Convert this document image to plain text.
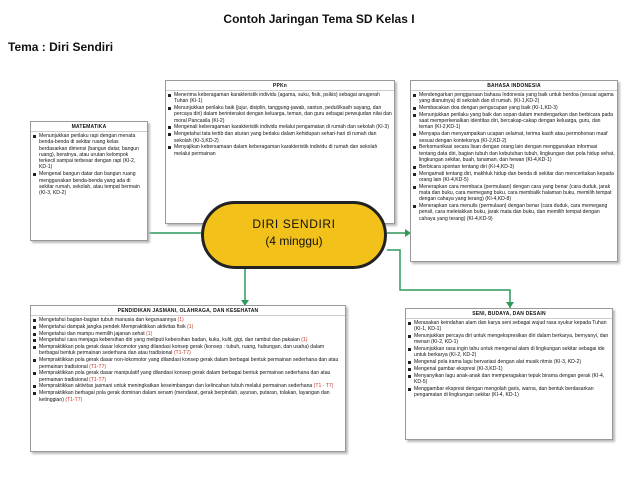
Contoh Jaringan Tema SD Kelas I
Tema : Diri Sendiri
PPKn
Menerima keberagaman karakteristik individu (agama, suku, fisik, psikis) sebagai anugerah Tuhan (KI-1)
Menunjukkan perilaku baik (jujur, disiplin, tanggung-jawab, santun, peduli/kasih sayang, dan percaya diri) dalam berinteraksi dengan keluarga, teman, dan guru sebagai perwujudan nilai dan moral Pancasila (KI-2)
Mengenali keberagaman karakteristik individu melalui pengamatan di rumah dan sekolah (KI-3)
Mengetahui tata tertib dan aturan yang berlaku dalam kehidupan sehari-hari di rumah dan sekolah (KI-3,KD-2)
Menyajikan kebersamaan dalam keberagaman karakteristik individu di rumah dan sekolah melalui permainan
MATEMATIKA
Menunjukkan perilaku rapi dengan menata benda-benda di sekitar ruang kelas berdasarkan dimensi (bangun datar, bangun ruang), beratnya, atau urutan kelompok terkecil sampai terbesar dengan rapi (KI-2, KD-1)
Mengenal bangun datar dan bangun ruang menggunakan benda-benda yang ada di sekitar rumah, sekolah, atau tempat bermain (KI-3, KD-2)
BAHASA INDONESIA
Mendengarkan penggunaan bahasa Indonesia yang baik untuk berdoa (sesuai agama yang dianutnya) di sekolah dan di rumah. (KI-1,KD-2)
Membacakan doa dengan pengucapan yang baik (KI-1,KD-3)
Menunjukkan perilaku yang baik dan sopan dalam mendengarkan dan berbicara pada saat memperkenalkan identitas diri, bercakap-cakap dengan keluarga, guru, dan teman (KI-2,KD-1)
Menyapa dan menyampaikan ucapan selamat, terima kasih atau permohonan maaf sesuai dengan konteksnya (KI-2,KD-2)
Berkomunikasi secara lisan dengan orang lain dengan menggunakan informasi tentang data diri, bagian tubuh dan kebutuhan tubuh, lingkungan dan pola hidup sehat, lingkungan sekitar, buah, tanaman, dan hewan (KI-4,KD-1)
Berbicara spontan tentang diri (KI-4,KD-3)
Mengamati tentang diri, makhluk hidup dan benda di sekitar dan menceritakan kepada orang lain (KI-4,KD-5)
Menerapkan cara membaca (permulaan) dengan cara yang benar (cara duduk, jarak mata dan buku, cara memegang buku, cara membalik halaman buku, memilih tempat dengan cahaya yang terang) (KI-4,KD-8)
Menerapkan cara menulis (permulaan) dengan benar (cara duduk, cara memegang pensil, cara meletakkan buku, jarak mata dan buku, dan memilih tempat dengan cahaya yang terang) (KI-4,KD-9)
DIRI SENDIRI
(4 minggu)
PENDIDIKAN JASMANI, OLAHRAGA, DAN KESEHATAN
Mengetahui bagian-bagian tubuh manusia dan kegunaannya (1)
Mengetahui dampak jangka pendek Mempraktikkan aktivitas fisik (1)
Mengetahui dan mampu memilih jajanan sehat (1)
Mengetahui cara menjaga kebersihan diri yang meliputi kebersihan badan, kuku, kulit, gigi, dan rambut dan pakaian (1)
Mempraktikkan pola gerak dasar lokomotor yang dilandasi konsep gerak (konsep : tubuh, ruang, hubungan, dan usaha) dalam berbagai bentuk permainan sederhana dan atau tradisional (T1-T7)
Mempraktikkan pola gerak dasar non-lokomotor yang dilandasi konsep gerak dalam berbagai bentuk permainan sederhana dan atau permainan tradisional (T1-T7)
Mempraktikkan pola gerak dasar manipulatif yang dilandasi konsep gerak dalam berbagai bentuk permainan sederhana dan atau permainan tradisional (T1-T7)
Mempraktikkan aktivitas jasmani untuk meningkatkan keseimbangan dan kelincahan tubuh melalui permainan sederhana (T1 - T7)
Mempraktikkan berbagai pola gerak dominan dalam senam (mendarat, gerak berpindah, ayunan, putaran, tolakan, layangan dan ketinggian) (T1-T7)
SENI, BUDAYA, DAN DESAIN
Merasakan keindahan alam dan karya seni sebagai wujud rasa syukur kepada Tuhan (KI-1, KD-1)
Menunjukkan percaya diri untuk mengekspresikan diri dalam berkarya, bernyanyi, dan menari (KI-2, KD-1)
Menunjukkan rasa ingin tahu untuk mengenal alam di lingkungan sekitar sebagai ide untuk berkarya (KI-2, KD-2)
Mengenal pola irama lagu bervariasi dengan alat musik ritmis (KI-3, KD-2)
Mengenal gambar ekspresi (KI-3,KD-1)
Menyanyikan lagu anak-anak dan memperagakan tepuk birama dengan gerak (KI-4, KD-5)
Menggambar ekspresi dengan mengolah garis, warna, dan bentuk berdasarkan pengamatan di lingkungan sekitar (KI-4, KD-1)
